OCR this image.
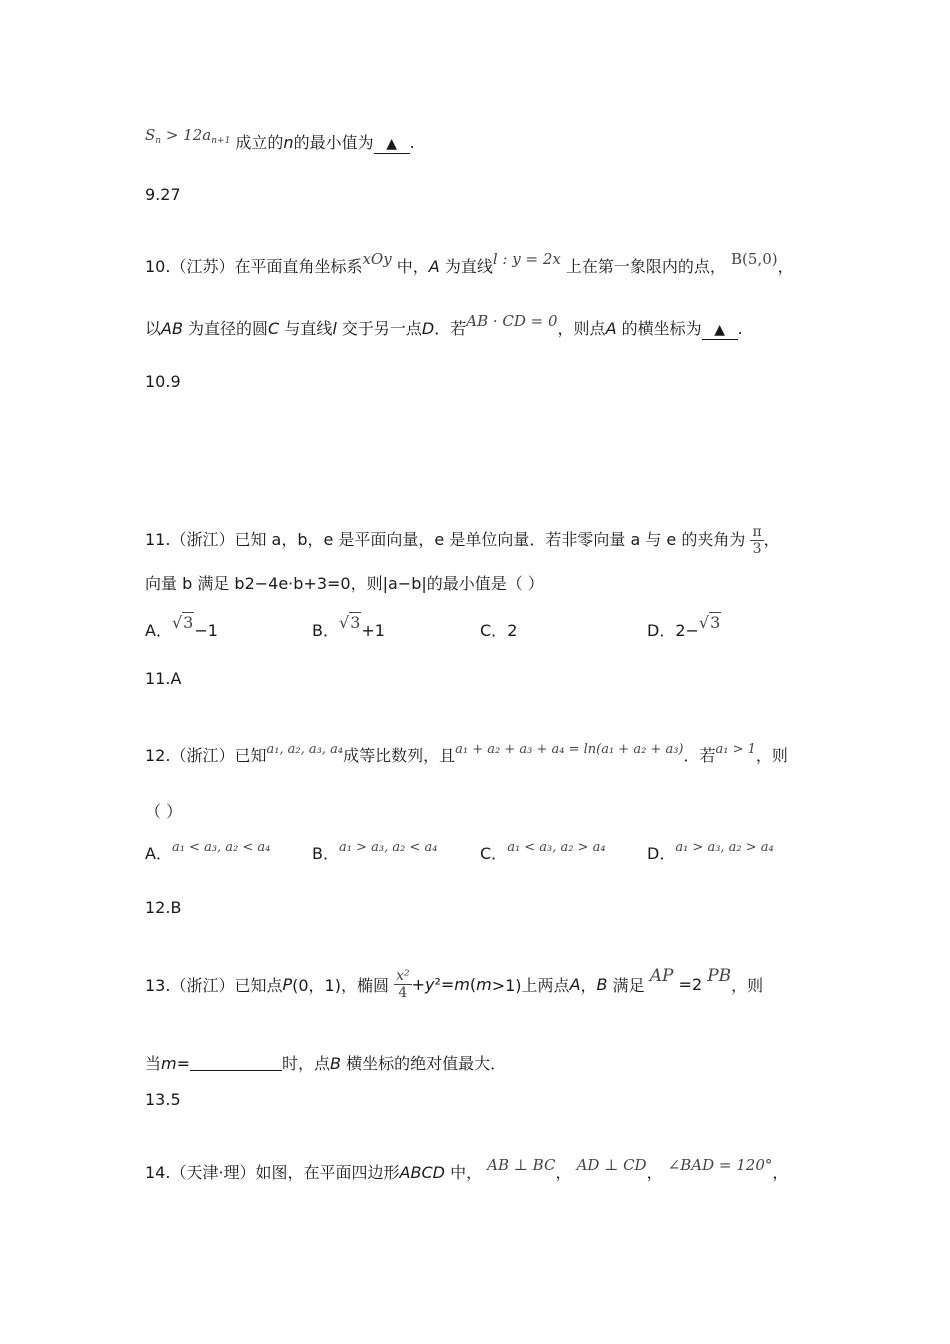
$S_n > 12a_{n+1}$ 成立的n的最小值为 ▲ .
9.27
10.（江苏）在平面直角坐标系xOy 中，A 为直线l : y = 2x 上在第一象限内的点， B(5,0)，
以AB 为直径的圆C 与直线l 交于另一点D．若AB · CD = 0，则点A 的横坐标为 ▲ .
10.9
11.（浙江）已知 a，b，e 是平面向量，e 是单位向量．若非零向量 a 与 e 的夹角为 $\frac{\pi}{3}$ ，
向量 b 满足 b2−4e·b+3=0，则|a−b|的最小值是（ ）
A．√3−1	B．√3+1	C．2	D．2−√3
11.A
12.（浙江）已知$^{a_1, a_2, a_3, a_4}$成等比数列，且$^{a_1 + a_2 + a_3 + a_4 = ln(a_1 + a_2 + a_3)}$．若$^{a_1 > 1}$，则
（ ）
A．$^{a_1 < a_3, a_2 < a_4}$	B．$^{a_1 > a_3, a_2 < a_4}$	C．$^{a_1 < a_3, a_2 > a_4}$	D．$^{a_1 > a_3, a_2 > a_4}$
12.B
13.（浙江）已知点P(0，1)，椭圆 $\frac{\text{x²}}{4} +y^2=m(m>1)$上两点A，B 满足 AP =2 PB，则
当m=	时，点B 横坐标的绝对值最大．
13.5
14.（天津·理）如图，在平面四边形ABCD 中， AB ⊥ BC， AD ⊥ CD， ∠BAD = 120°，
